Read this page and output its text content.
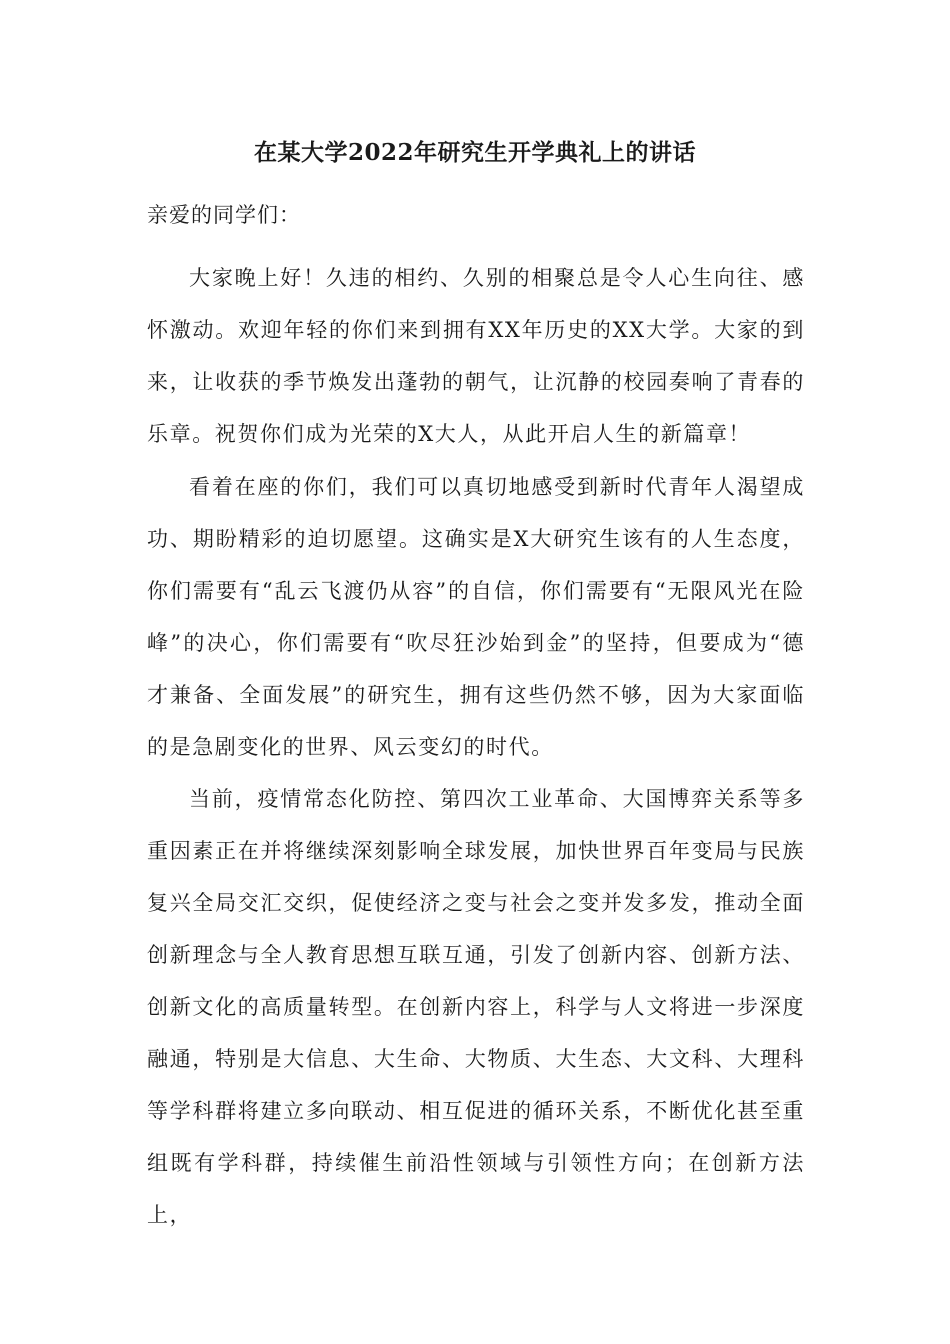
在某大学2022年研究生开学典礼上的讲话
亲爱的同学们：

大家晚上好！久违的相约、久别的相聚总是令人心生向往、感怀激动。欢迎年轻的你们来到拥有XX年历史的XX大学。大家的到来，让收获的季节焕发出蓬勃的朝气，让沉静的校园奏响了青春的乐章。祝贺你们成为光荣的X大人，从此开启人生的新篇章！

看着在座的你们，我们可以真切地感受到新时代青年人渴望成功、期盼精彩的迫切愿望。这确实是X大研究生该有的人生态度，你们需要有“乱云飞渡仍从容”的自信，你们需要有“无限风光在险峰”的决心，你们需要有“吹尽狂沙始到金”的坚持，但要成为“德才兼备、全面发展”的研究生，拥有这些仍然不够，因为大家面临的是急剧变化的世界、风云变幻的时代。

当前，疫情常态化防控、第四次工业革命、大国博弈关系等多重因素正在并将继续深刻影响全球发展，加快世界百年变局与民族复兴全局交汇交织，促使经济之变与社会之变并发多发，推动全面创新理念与全人教育思想互联互通，引发了创新内容、创新方法、创新文化的高质量转型。在创新内容上，科学与人文将进一步深度融通，特别是大信息、大生命、大物质、大生态、大文科、大理科等学科群将建立多向联动、相互促进的循环关系，不断优化甚至重组既有学科群，持续催生前沿性领域与引领性方向；在创新方法上，
